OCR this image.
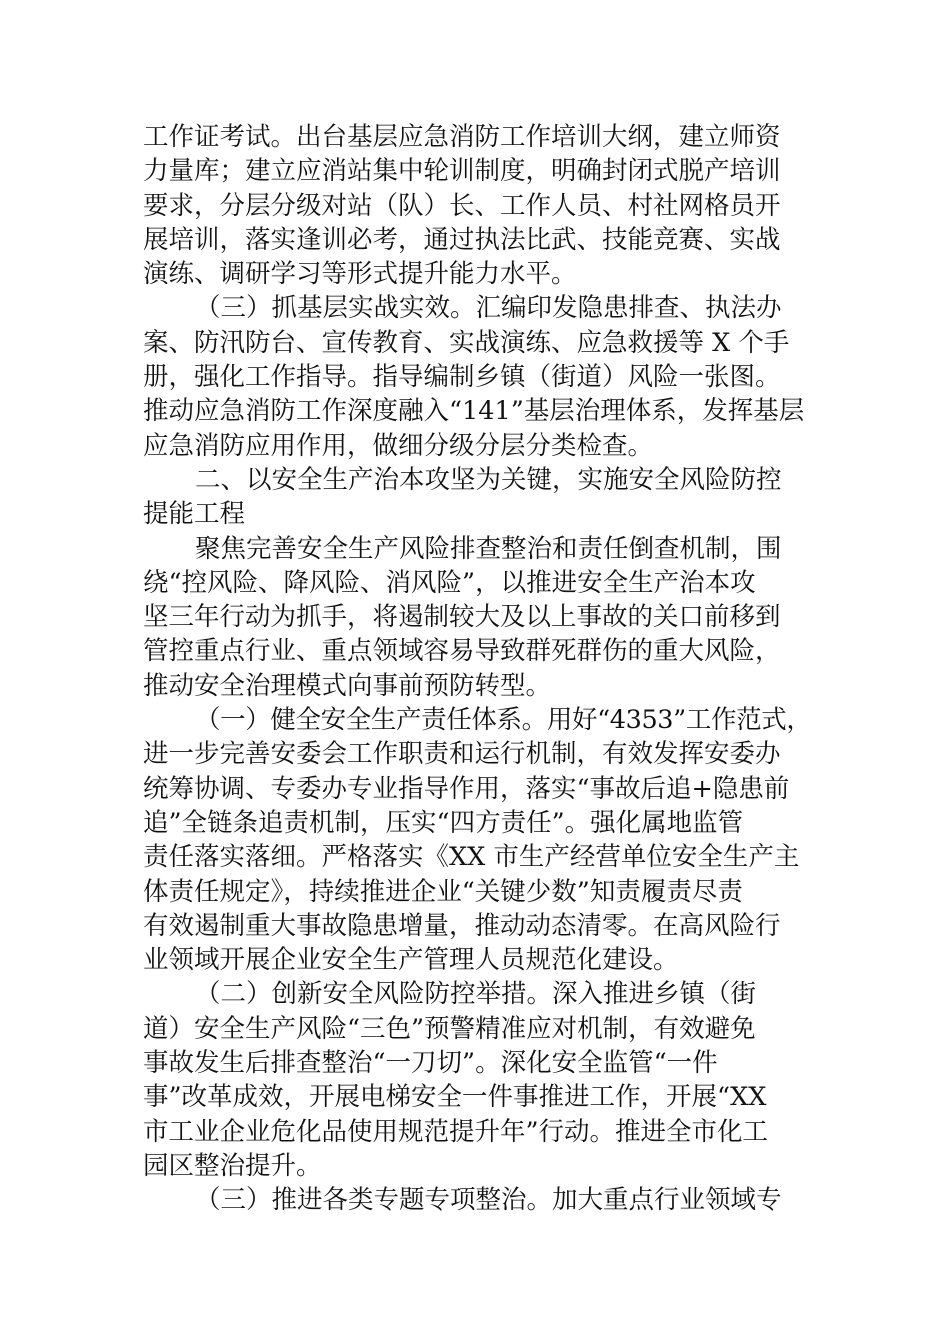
工作证考试。出台基层应急消防工作培训大纲，建立师资
力量库；建立应消站集中轮训制度，明确封闭式脱产培训
要求，分层分级对站（队）长、工作人员、村社网格员开
展培训，落实逢训必考，通过执法比武、技能竞赛、实战
演练、调研学习等形式提升能力水平。
（三）抓基层实战实效。汇编印发隐患排查、执法办
案、防汛防台、宣传教育、实战演练、应急救援等 X 个手
册，强化工作指导。指导编制乡镇（街道）风险一张图。
推动应急消防工作深度融入“141”基层治理体系，发挥基层
应急消防应用作用，做细分级分层分类检查。
二、以安全生产治本攻坚为关键，实施安全风险防控
提能工程
聚焦完善安全生产风险排查整治和责任倒查机制，围
绕“控风险、降风险、消风险”，以推进安全生产治本攻
坚三年行动为抓手，将遏制较大及以上事故的关口前移到
管控重点行业、重点领域容易导致群死群伤的重大风险，
推动安全治理模式向事前预防转型。
（一）健全安全生产责任体系。用好“4353”工作范式，
进一步完善安委会工作职责和运行机制，有效发挥安委办
统筹协调、专委办专业指导作用，落实“事故后追+隐患前
追”全链条追责机制，压实“四方责任”。强化属地监管
责任落实落细。严格落实《XX 市生产经营单位安全生产主
体责任规定》，持续推进企业“关键少数”知责履责尽责
有效遏制重大事故隐患增量，推动动态清零。在高风险行
业领域开展企业安全生产管理人员规范化建设。
（二）创新安全风险防控举措。深入推进乡镇（街
道）安全生产风险“三色”预警精准应对机制，有效避免
事故发生后排查整治“一刀切”。深化安全监管“一件
事”改革成效，开展电梯安全一件事推进工作，开展“XX
市工业企业危化品使用规范提升年”行动。推进全市化工
园区整治提升。
（三）推进各类专题专项整治。加大重点行业领域专
